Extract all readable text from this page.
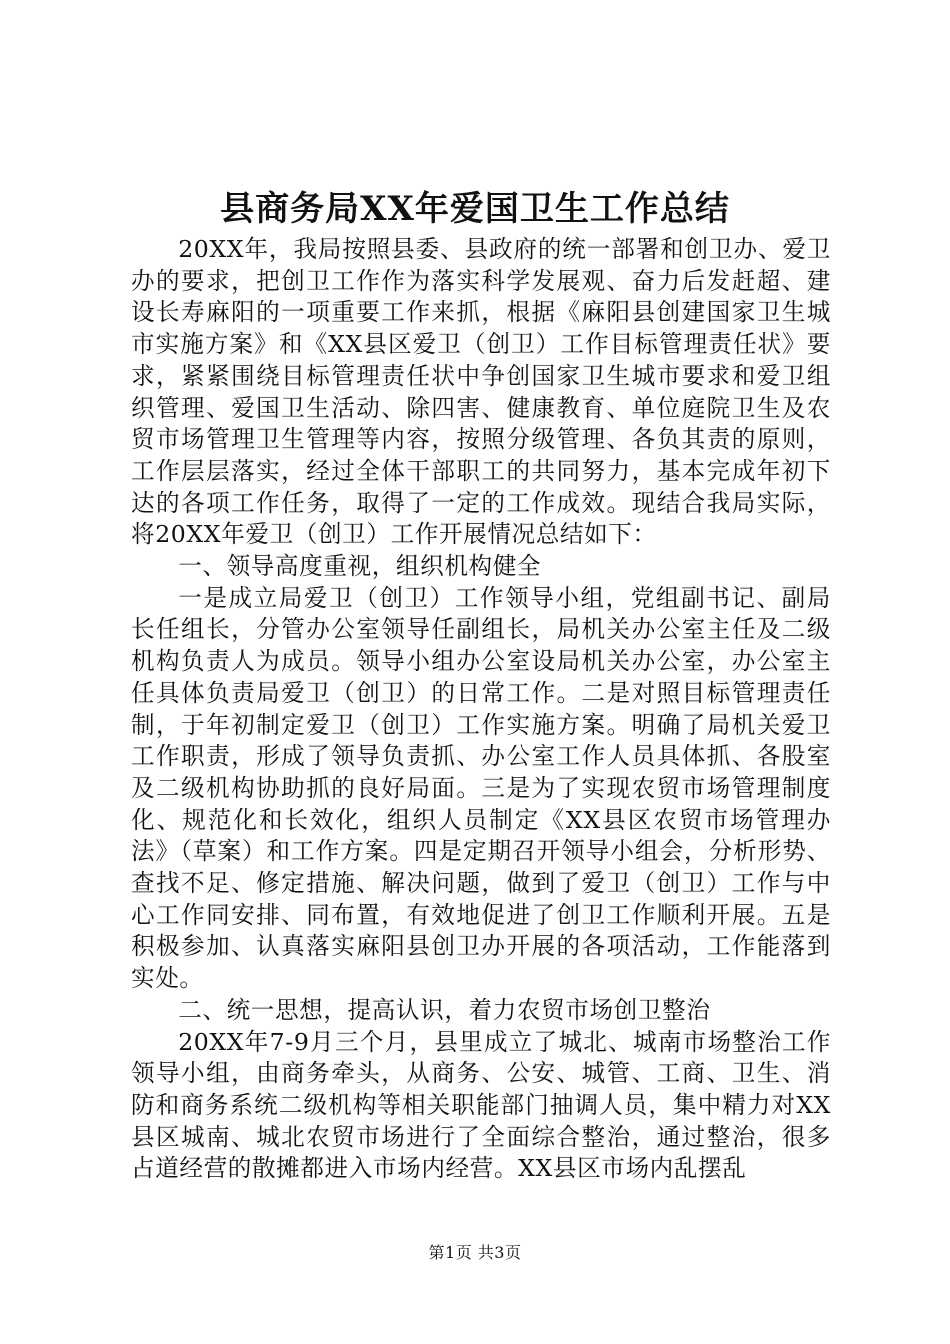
县商务局XX年爱国卫生工作总结

20XX年，我局按照县委、县政府的统一部署和创卫办、爱卫办的要求，把创卫工作作为落实科学发展观、奋力后发赶超、建设长寿麻阳的一项重要工作来抓，根据《麻阳县创建国家卫生城市实施方案》和《XX县区爱卫（创卫）工作目标管理责任状》要求，紧紧围绕目标管理责任状中争创国家卫生城市要求和爱卫组织管理、爱国卫生活动、除四害、健康教育、单位庭院卫生及农贸市场管理卫生管理等内容，按照分级管理、各负其责的原则，工作层层落实，经过全体干部职工的共同努力，基本完成年初下达的各项工作任务，取得了一定的工作成效。现结合我局实际，将20XX年爱卫（创卫）工作开展情况总结如下：

一、领导高度重视，组织机构健全

一是成立局爱卫（创卫）工作领导小组，党组副书记、副局长任组长，分管办公室领导任副组长，局机关办公室主任及二级机构负责人为成员。领导小组办公室设局机关办公室，办公室主任具体负责局爱卫（创卫）的日常工作。二是对照目标管理责任制，于年初制定爱卫（创卫）工作实施方案。明确了局机关爱卫工作职责，形成了领导负责抓、办公室工作人员具体抓、各股室及二级机构协助抓的良好局面。三是为了实现农贸市场管理制度化、规范化和长效化，组织人员制定《XX县区农贸市场管理办法》（草案）和工作方案。四是定期召开领导小组会，分析形势、查找不足、修定措施、解决问题，做到了爱卫（创卫）工作与中心工作同安排、同布置，有效地促进了创卫工作顺利开展。五是积极参加、认真落实麻阳县创卫办开展的各项活动，工作能落到实处。

二、统一思想，提高认识，着力农贸市场创卫整治

20XX年7-9月三个月，县里成立了城北、城南市场整治工作领导小组，由商务牵头，从商务、公安、城管、工商、卫生、消防和商务系统二级机构等相关职能部门抽调人员，集中精力对XX县区城南、城北农贸市场进行了全面综合整治，通过整治，很多占道经营的散摊都进入市场内经营。XX县区市场内乱摆乱

第1页 共3页
